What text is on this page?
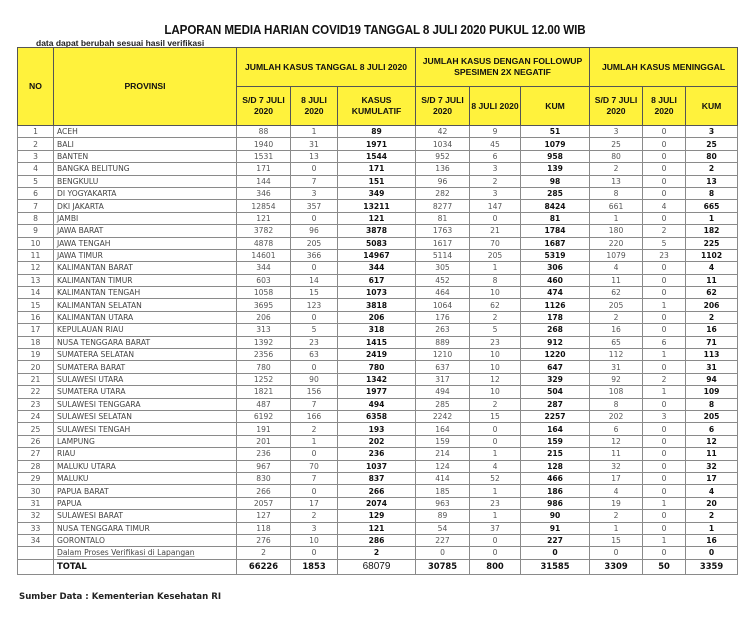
LAPORAN MEDIA HARIAN COVID19 TANGGAL 8 JULI 2020 PUKUL 12.00 WIB
data dapat berubah sesuai hasil verifikasi
NO	PROVINSI	JUMLAH KASUS TANGGAL 8 JULI 2020			JUMLAH KASUS DENGAN FOLLOWUP SPESIMEN 2X NEGATIF			JUMLAH KASUS MENINGGAL		
		S/D 7 JULI 2020	8 JULI 2020	KASUS KUMULATIF	S/D 7 JULI 2020	8 JULI 2020	KUM	S/D 7 JULI 2020	8 JULI 2020	KUM
1	ACEH	88	1	89	42	9	51	3	0	3
2	BALI	1940	31	1971	1034	45	1079	25	0	25
3	BANTEN	1531	13	1544	952	6	958	80	0	80
4	BANGKA BELITUNG	171	0	171	136	3	139	2	0	2
5	BENGKULU	144	7	151	96	2	98	13	0	13
6	DI YOGYAKARTA	346	3	349	282	3	285	8	0	8
7	DKI JAKARTA	12854	357	13211	8277	147	8424	661	4	665
8	JAMBI	121	0	121	81	0	81	1	0	1
9	JAWA BARAT	3782	96	3878	1763	21	1784	180	2	182
10	JAWA TENGAH	4878	205	5083	1617	70	1687	220	5	225
11	JAWA TIMUR	14601	366	14967	5114	205	5319	1079	23	1102
12	KALIMANTAN BARAT	344	0	344	305	1	306	4	0	4
13	KALIMANTAN TIMUR	603	14	617	452	8	460	11	0	11
14	KALIMANTAN TENGAH	1058	15	1073	464	10	474	62	0	62
15	KALIMANTAN SELATAN	3695	123	3818	1064	62	1126	205	1	206
16	KALIMANTAN UTARA	206	0	206	176	2	178	2	0	2
17	KEPULAUAN RIAU	313	5	318	263	5	268	16	0	16
18	NUSA TENGGARA BARAT	1392	23	1415	889	23	912	65	6	71
19	SUMATERA SELATAN	2356	63	2419	1210	10	1220	112	1	113
20	SUMATERA BARAT	780	0	780	637	10	647	31	0	31
21	SULAWESI UTARA	1252	90	1342	317	12	329	92	2	94
22	SUMATERA UTARA	1821	156	1977	494	10	504	108	1	109
23	SULAWESI TENGGARA	487	7	494	285	2	287	8	0	8
24	SULAWESI SELATAN	6192	166	6358	2242	15	2257	202	3	205
25	SULAWESI TENGAH	191	2	193	164	0	164	6	0	6
26	LAMPUNG	201	1	202	159	0	159	12	0	12
27	RIAU	236	0	236	214	1	215	11	0	11
28	MALUKU UTARA	967	70	1037	124	4	128	32	0	32
29	MALUKU	830	7	837	414	52	466	17	0	17
30	PAPUA BARAT	266	0	266	185	1	186	4	0	4
31	PAPUA	2057	17	2074	963	23	986	19	1	20
32	SULAWESI BARAT	127	2	129	89	1	90	2	0	2
33	NUSA TENGGARA TIMUR	118	3	121	54	37	91	1	0	1
34	GORONTALO	276	10	286	227	0	227	15	1	16
	Dalam Proses Verifikasi di Lapangan	2	0	2	0	0	0	0	0	0
	TOTAL	66226	1853	68079	30785	800	31585	3309	50	3359
Sumber Data : Kementerian Kesehatan RI
